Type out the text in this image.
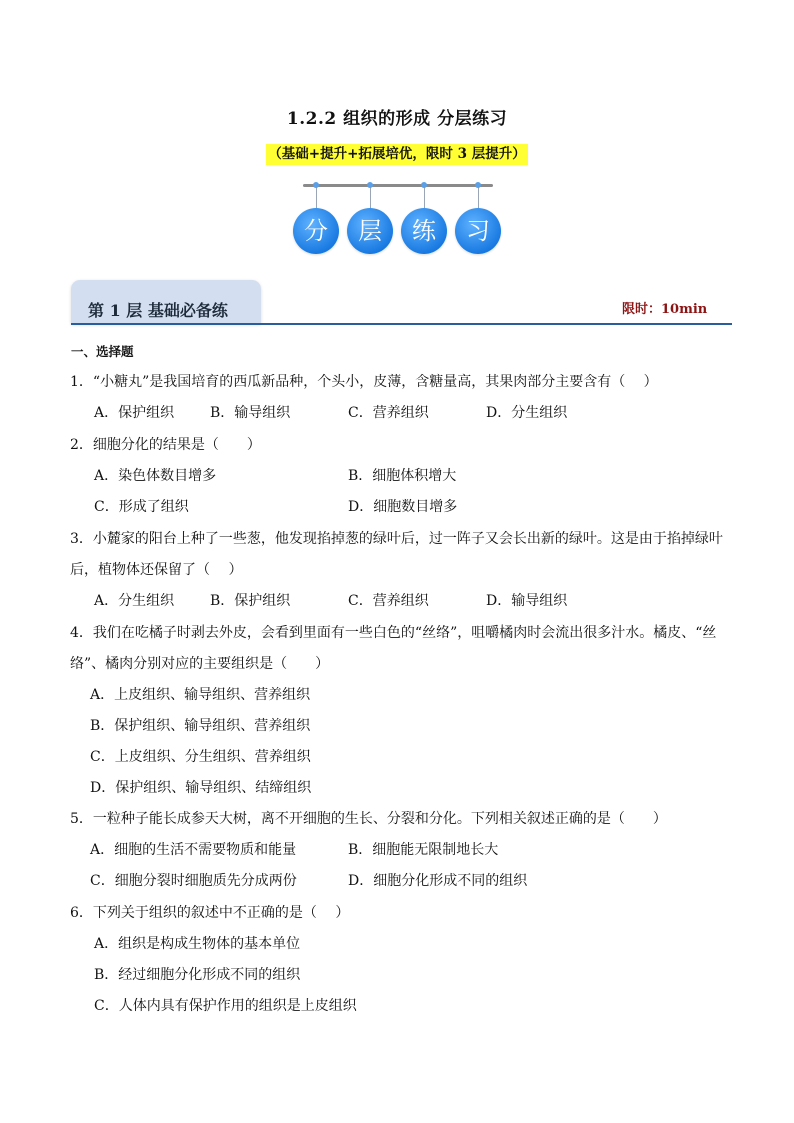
1.2.2 组织的形成 分层练习
（基础+提升+拓展培优，限时 3 层提升）
分	层	练	习
第 1 层 基础必备练	限时：10min
一、选择题
1．“小糖丸”是我国培育的西瓜新品种，个头小，皮薄，含糖量高，其果肉部分主要含有（　 ）
A．保护组织	B．输导组织	C．营养组织	D．分生组织
2．细胞分化的结果是（　　）
A．染色体数目增多	B．细胞体积增大
C．形成了组织	D．细胞数目增多
3．小麓家的阳台上种了一些葱，他发现掐掉葱的绿叶后，过一阵子又会长出新的绿叶。这是由于掐掉绿叶
后，植物体还保留了（　 ）
A．分生组织	B．保护组织	C．营养组织	D．输导组织
4．我们在吃橘子时剥去外皮，会看到里面有一些白色的“丝络”，咀嚼橘肉时会流出很多汁水。橘皮、“丝
络”、橘肉分别对应的主要组织是（　　）
A．上皮组织、输导组织、营养组织
B．保护组织、输导组织、营养组织
C．上皮组织、分生组织、营养组织
D．保护组织、输导组织、结缔组织
5．一粒种子能长成参天大树，离不开细胞的生长、分裂和分化。下列相关叙述正确的是（　　）
A．细胞的生活不需要物质和能量	B．细胞能无限制地长大
C．细胞分裂时细胞质先分成两份	D．细胞分化形成不同的组织
6．下列关于组织的叙述中不正确的是（　 ）
A．组织是构成生物体的基本单位
B．经过细胞分化形成不同的组织
C．人体内具有保护作用的组织是上皮组织
